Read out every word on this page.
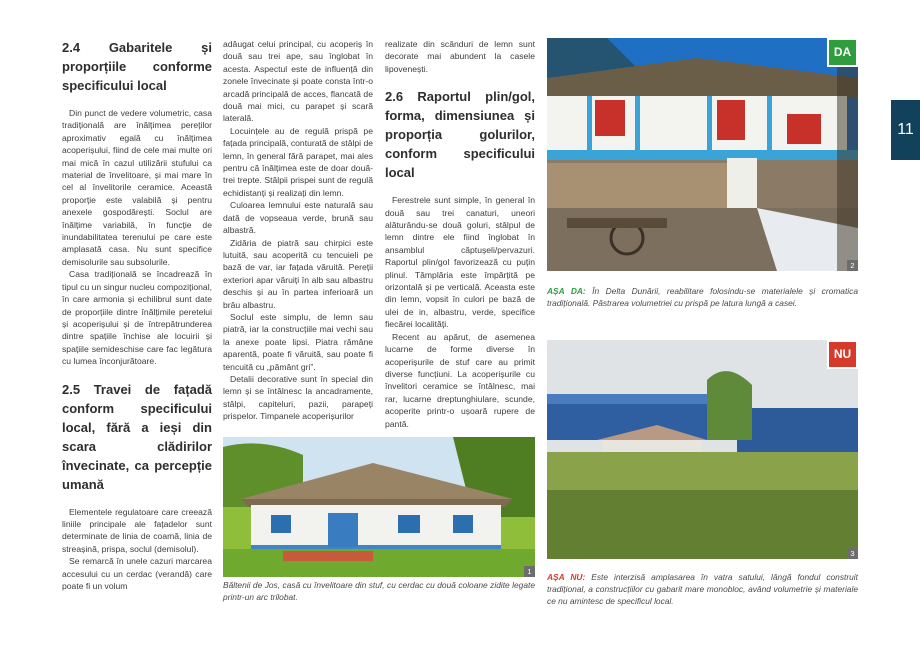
2.4 Gabaritele și proporțiile conforme specificului local

Din punct de vedere volumetric, casa tradițională are înălțimea pereților aproximativ egală cu înălțimea acoperișului, fiind de cele mai multe ori mai mică în cazul utilizării stufului ca material de învelitoare, și mai mare în cel al învelitorile ceramice. Această proporție este valabilă și pentru anexele gospodărești. Soclul are înălțime variabilă, în funcție de inundabilitatea terenului pe care este amplasată casa. Nu sunt specifice demisolurile sau subsolurile.

Casa tradițională se încadrează în tipul cu un singur nucleu compozițional, în care armonia și echilibrul sunt date de proporțiile dintre înălțimile peretelui și acoperișului și de întrepătrunderea dintre spațiile închise ale locuirii și spațiile semideschise care fac legătura cu lumea înconjurătoare.

2.5 Travei de fațadă conform specificului local, fără a ieși din scara clădirilor învecinate, ca percepție umană

Elementele regulatoare care creează liniile principale ale fațadelor sunt determinate de linia de coamă, linia de streașină, prispa, soclul (demisolul).

Se remarcă în unele cazuri marcarea accesului cu un cerdac (verandă) care poate fi un volum

adăugat celui principal, cu acoperiș în două sau trei ape, sau înglobat în acesta. Aspectul este de influență din zonele învecinate și poate consta într-o arcadă principală de acces, flancată de două mai mici, cu parapet și scară laterală.

Locuințele au de regulă prispă pe fațada principală, conturată de stâlpi de lemn, în general fără parapet, mai ales pentru că înălțimea este de doar două-trei trepte. Stâlpii prispei sunt de regulă echidistanți și realizați din lemn.

Culoarea lemnului este naturală sau dată de vopseaua verde, brună sau albastră.

Zidăria de piatră sau chirpici este lutuită, sau acoperită cu tencuieli pe bază de var, iar fațada văruită. Pereții exteriori apar văruiți în alb sau albastru deschis și au în partea inferioară un brâu albastru.

Soclul este simplu, de lemn sau piatră, iar la construcțiile mai vechi sau la anexe poate lipsi. Piatra rămâne aparentă, poate fi văruită, sau poate fi tencuită cu „pământ gri”.

Detalii decorative sunt în special din lemn și se întâlnesc la ancadramente, stâlpi, capiteluri, pazii, parapeți prispelor. Timpanele acoperișurilor

realizate din scânduri de lemn sunt decorate mai abundent la casele lipovenești.

2.6 Raportul plin/gol, forma, dimensiunea și proporția golurilor, conform specificului local

Ferestrele sunt simple, în general în două sau trei canaturi, uneori alăturându-se două goluri, stâlpul de lemn dintre ele fiind înglobat în ansamblul căptușeli/pervazuri. Raportul plin/gol favorizează cu puțin plinul. Tâmplăria este împărțită pe orizontală și pe verticală. Aceasta este din lemn, vopsit în culori pe bază de ulei de in, albastru, verde, specifice fiecărei localități.

Recent au apărut, de asemenea lucarne de forme diverse în acoperișurile de stuf care au primit diverse funcțiuni. La acoperișurile cu învelitori ceramice se întâlnesc, mai rar, lucarne dreptunghiulare, scunde, acoperite printr-o ușoară rupere de pantă.

1
Băltenii de Jos, casă cu învelitoare din stuf, cu cerdac cu două coloane zidite legate printr-un arc trilobat.
2
DA
AȘA DA: În Delta Dunării, reabilitare folosindu-se materialele și cromatica tradițională. Păstrarea volumetriei cu prispă pe latura lungă a casei.
3
NU
AȘA NU: Este interzisă amplasarea în vatra satului, lângă fondul construit tradițional, a construcțiilor cu gabarit mare monobloc, având volumetrie și materiale ce nu amintesc de specificul local.
11
